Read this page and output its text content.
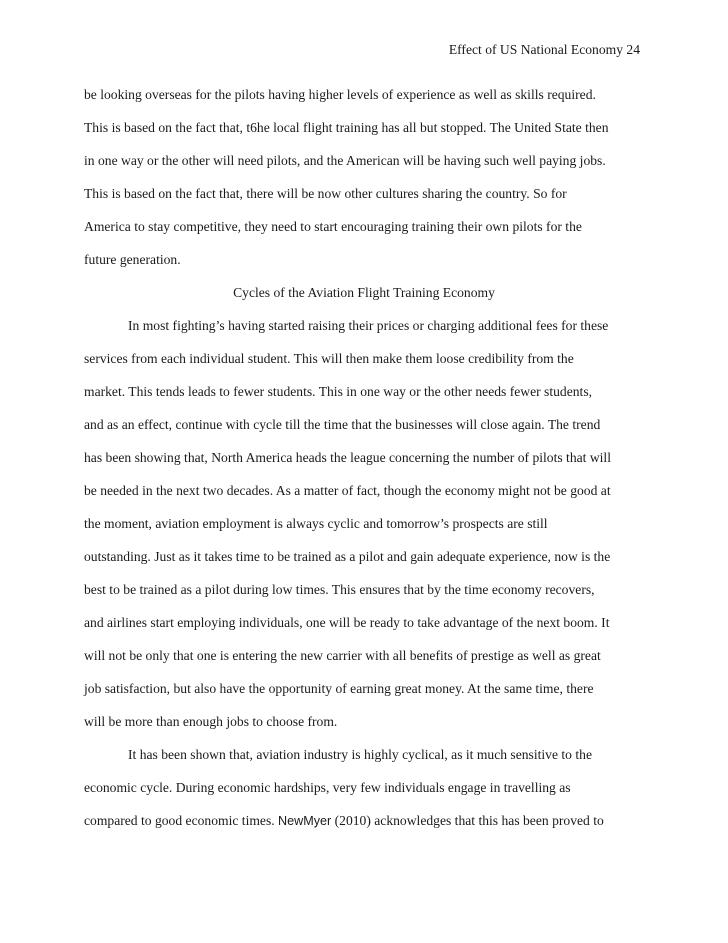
Effect of US National Economy 24
be looking overseas for the pilots having higher levels of experience as well as skills required.
This is based on the fact that, t6he local flight training has all but stopped. The United State then
in one way or the other will need pilots, and the American will be having such well paying jobs.
This is based on the fact that, there will be now other cultures sharing the country. So for
America to stay competitive, they need to start encouraging training their own pilots for the
future generation.
Cycles of the Aviation Flight Training Economy
In most fighting’s having started raising their prices or charging additional fees for these
services from each individual student. This will then make them loose credibility from the
market. This tends leads to fewer students. This in one way or the other needs fewer students,
and as an effect, continue with cycle till the time that the businesses will close again. The trend
has been showing that, North America heads the league concerning the number of pilots that will
be needed in the next two decades. As a matter of fact, though the economy might not be good at
the moment, aviation employment is always cyclic and tomorrow’s prospects are still
outstanding. Just as it takes time to be trained as a pilot and gain adequate experience, now is the
best to be trained as a pilot during low times. This ensures that by the time economy recovers,
and airlines start employing individuals, one will be ready to take advantage of the next boom. It
will not be only that one is entering the new carrier with all benefits of prestige as well as great
job satisfaction, but also have the opportunity of earning great money. At the same time, there
will be more than enough jobs to choose from.
It has been shown that, aviation industry is highly cyclical, as it much sensitive to the
economic cycle. During economic hardships, very few individuals engage in travelling as
compared to good economic times. NewMyer (2010) acknowledges that this has been proved to
